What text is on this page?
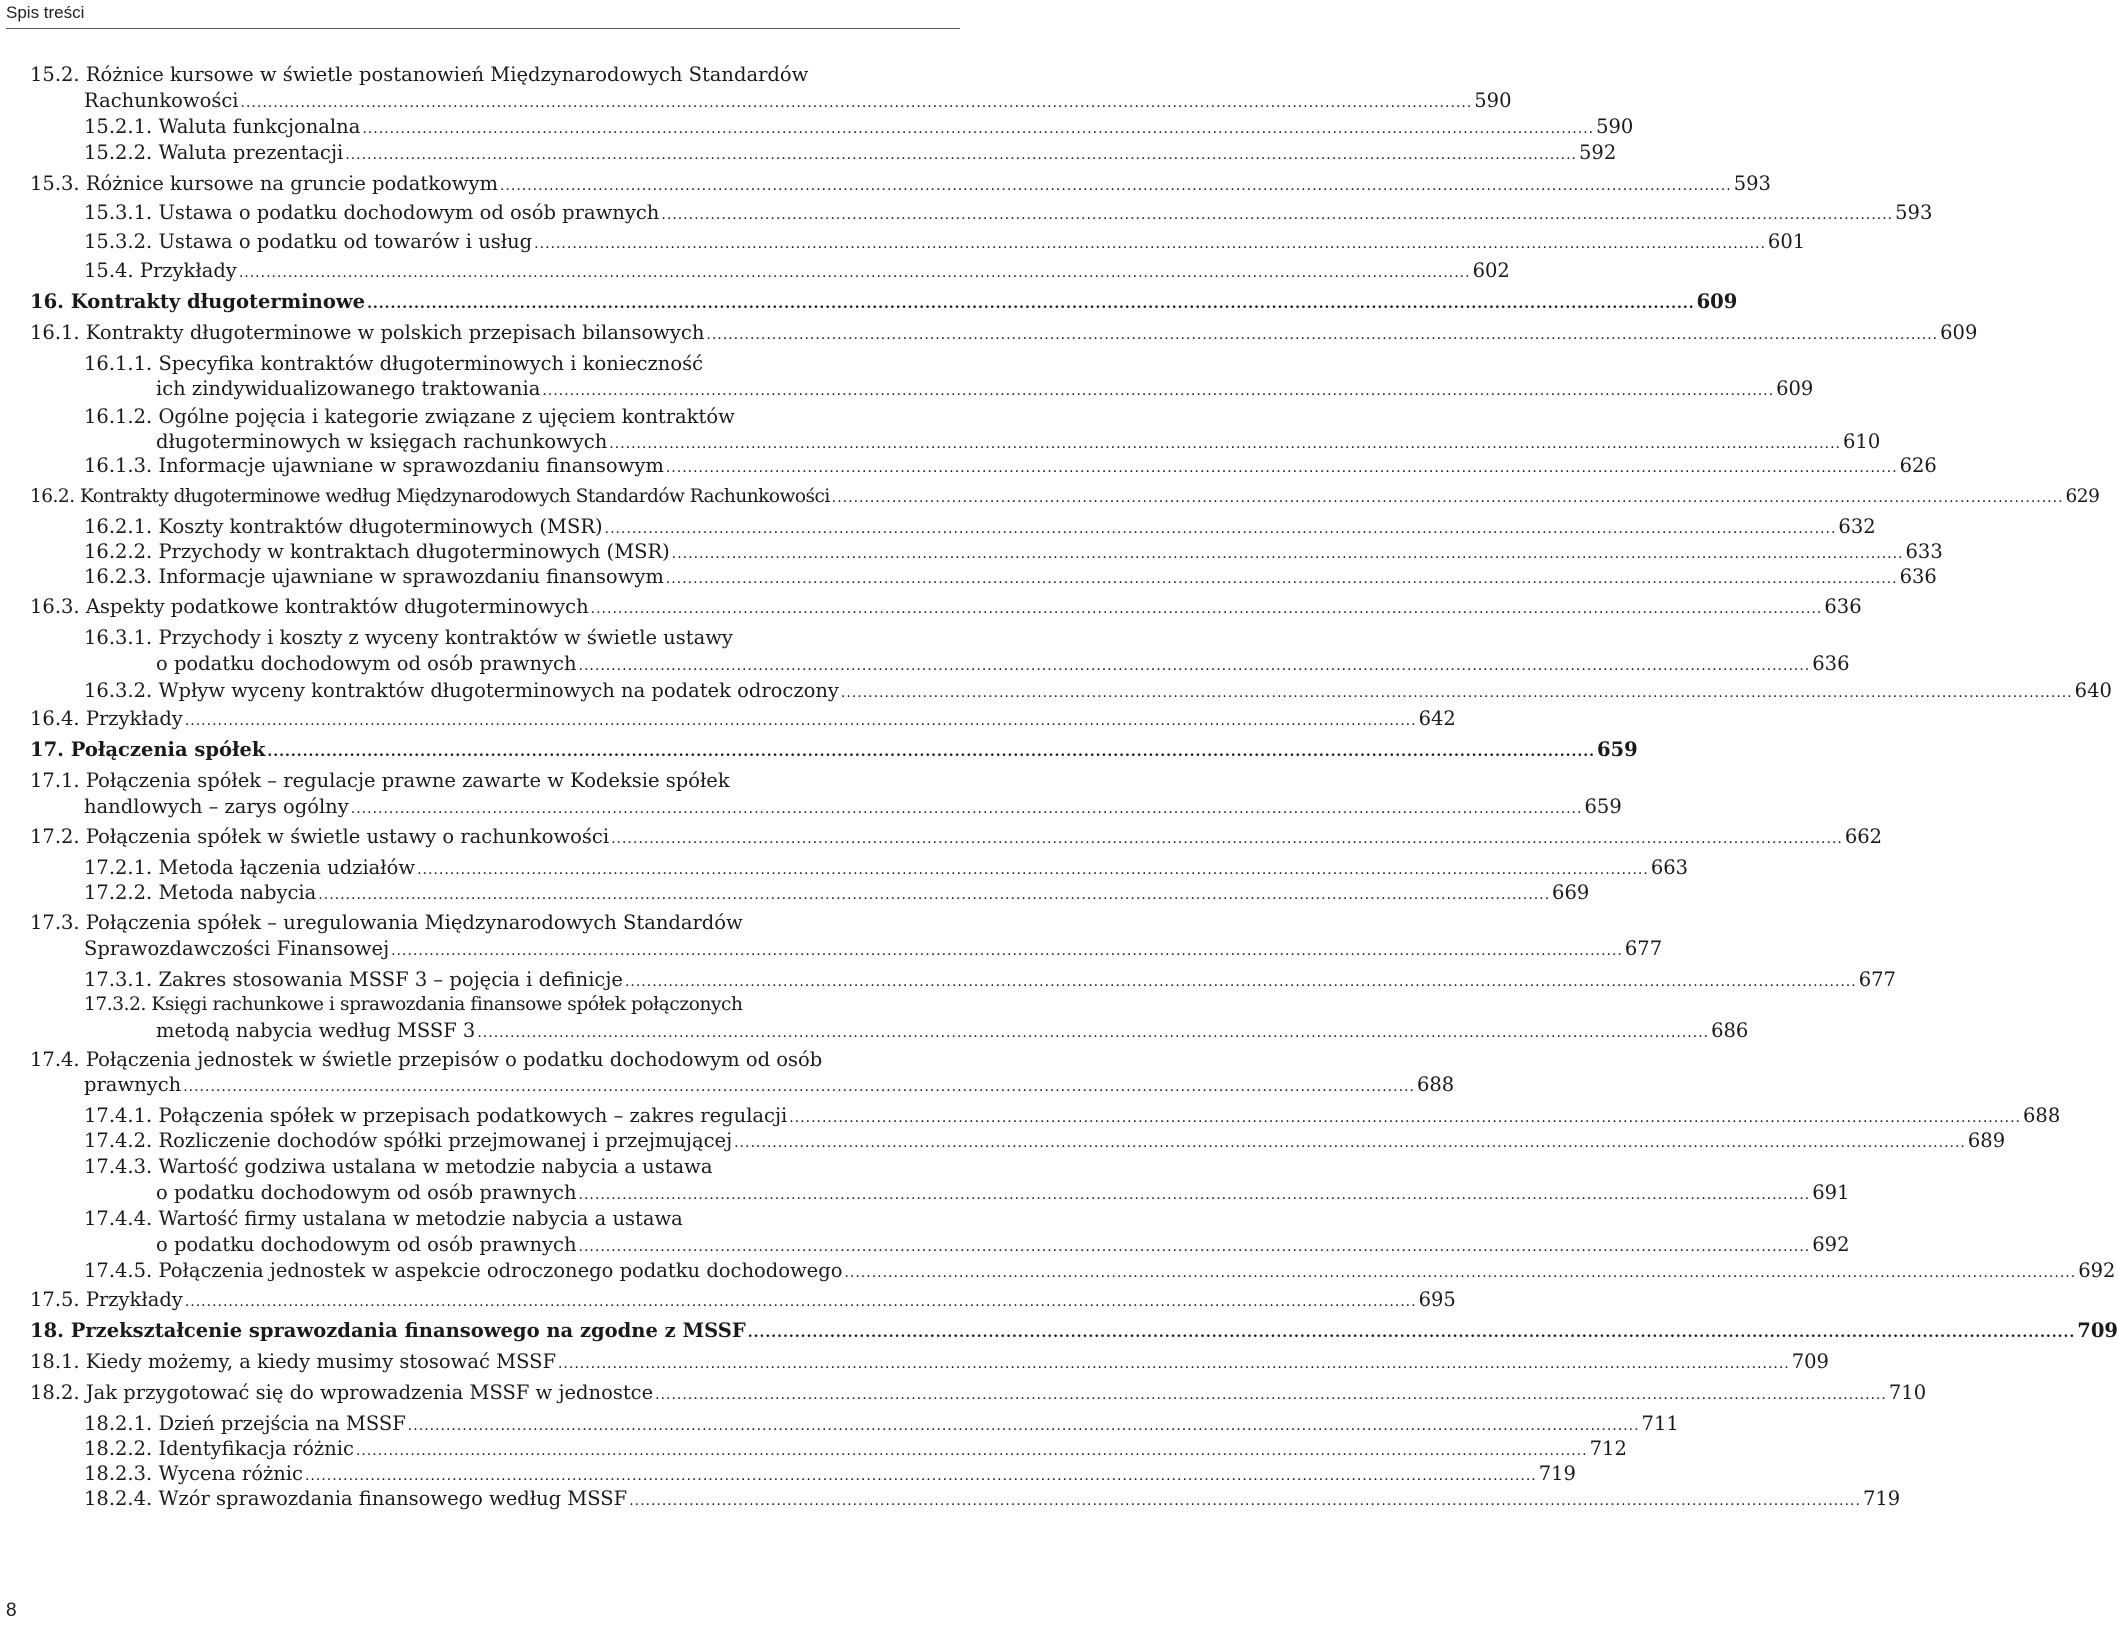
Spis treści
15.2. Różnice kursowe w świetle postanowień Międzynarodowych Standardów
Rachunkowości .................................................................................................................................................................................................................................. 590
15.2.1.
Waluta funkcjonalna .................................................................................................................................................................................................................................. 590
15.2.2.
Waluta prezentacji .................................................................................................................................................................................................................................. 592
15.3.
Różnice kursowe na gruncie podatkowym .................................................................................................................................................................................................................................. 593
15.3.1.
Ustawa o podatku dochodowym od osób prawnych .................................................................................................................................................................................................................................. 593
15.3.2.
Ustawa o podatku od towarów i usług .................................................................................................................................................................................................................................. 601
15.4.
Przykłady .................................................................................................................................................................................................................................. 602
16.
Kontrakty długoterminowe .................................................................................................................................................................................................................................. 609
16.1.
Kontrakty długoterminowe w polskich przepisach bilansowych .................................................................................................................................................................................................................................. 609
16.1.1. Specyfika kontraktów długoterminowych i konieczność
ich zindywidualizowanego traktowania .................................................................................................................................................................................................................................. 609
16.1.2. Ogólne pojęcia i kategorie związane z ujęciem kontraktów
długoterminowych w księgach rachunkowych .................................................................................................................................................................................................................................. 610
16.1.3.
Informacje ujawniane w sprawozdaniu finansowym .................................................................................................................................................................................................................................. 626
16.2.
Kontrakty długoterminowe według Międzynarodowych Standardów Rachunkowości .................................................................................................................................................................................................................................. 629
16.2.1.
Koszty kontraktów długoterminowych (MSR) .................................................................................................................................................................................................................................. 632
16.2.2.
Przychody w kontraktach długoterminowych (MSR) .................................................................................................................................................................................................................................. 633
16.2.3.
Informacje ujawniane w sprawozdaniu finansowym .................................................................................................................................................................................................................................. 636
16.3.
Aspekty podatkowe kontraktów długoterminowych .................................................................................................................................................................................................................................. 636
16.3.1. Przychody i koszty z wyceny kontraktów w świetle ustawy
o podatku dochodowym od osób prawnych .................................................................................................................................................................................................................................. 636
16.3.2.
Wpływ wyceny kontraktów długoterminowych na podatek odroczony .................................................................................................................................................................................................................................. 640
16.4.
Przykłady .................................................................................................................................................................................................................................. 642
17.
Połączenia spółek .................................................................................................................................................................................................................................. 659
17.1. Połączenia spółek – regulacje prawne zawarte w Kodeksie spółek
handlowych – zarys ogólny .................................................................................................................................................................................................................................. 659
17.2.
Połączenia spółek w świetle ustawy o rachunkowości .................................................................................................................................................................................................................................. 662
17.2.1.
Metoda łączenia udziałów .................................................................................................................................................................................................................................. 663
17.2.2.
Metoda nabycia .................................................................................................................................................................................................................................. 669
17.3. Połączenia spółek – uregulowania Międzynarodowych Standardów
Sprawozdawczości Finansowej .................................................................................................................................................................................................................................. 677
17.3.1.
Zakres stosowania MSSF 3 – pojęcia i definicje .................................................................................................................................................................................................................................. 677
17.3.2. Księgi rachunkowe i sprawozdania finansowe spółek połączonych
metodą nabycia według MSSF 3 .................................................................................................................................................................................................................................. 686
17.4. Połączenia jednostek w świetle przepisów o podatku dochodowym od osób
prawnych .................................................................................................................................................................................................................................. 688
17.4.1.
Połączenia spółek w przepisach podatkowych – zakres regulacji .................................................................................................................................................................................................................................. 688
17.4.2.
Rozliczenie dochodów spółki przejmowanej i przejmującej .................................................................................................................................................................................................................................. 689
17.4.3. Wartość godziwa ustalana w metodzie nabycia a ustawa
o podatku dochodowym od osób prawnych .................................................................................................................................................................................................................................. 691
17.4.4. Wartość firmy ustalana w metodzie nabycia a ustawa
o podatku dochodowym od osób prawnych .................................................................................................................................................................................................................................. 692
17.4.5.
Połączenia jednostek w aspekcie odroczonego podatku dochodowego .................................................................................................................................................................................................................................. 692
17.5.
Przykłady .................................................................................................................................................................................................................................. 695
18.
Przekształcenie sprawozdania finansowego na zgodne z MSSF .................................................................................................................................................................................................................................. 709
18.1.
Kiedy możemy, a kiedy musimy stosować MSSF .................................................................................................................................................................................................................................. 709
18.2.
Jak przygotować się do wprowadzenia MSSF w jednostce .................................................................................................................................................................................................................................. 710
18.2.1.
Dzień przejścia na MSSF .................................................................................................................................................................................................................................. 711
18.2.2.
Identyfikacja różnic .................................................................................................................................................................................................................................. 712
18.2.3.
Wycena różnic .................................................................................................................................................................................................................................. 719
18.2.4.
Wzór sprawozdania finansowego według MSSF .................................................................................................................................................................................................................................. 719
8
